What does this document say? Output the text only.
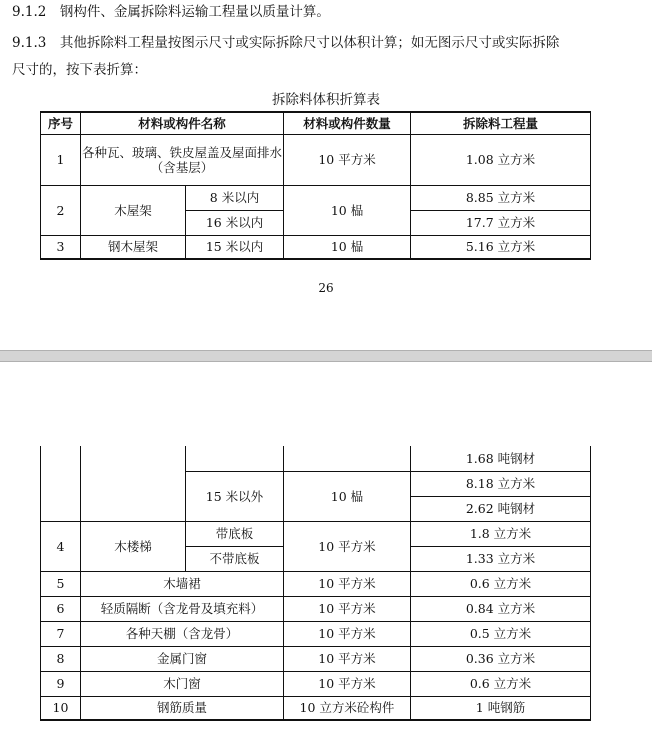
9.1.2　钢构件、金属拆除料运输工程量以质量计算。
9.1.3　其他拆除料工程量按图示尺寸或实际拆除尺寸以体积计算；如无图示尺寸或实际拆除
尺寸的，按下表折算：
拆除料体积折算表
序号	材料或构件名称		材料或构件数量	拆除料工程量
1	各种瓦、玻璃、铁皮屋盖及屋面排水（含基层）		10 平方米	1.08 立方米
2	木屋架	8 米以内	10 榀	8.85 立方米
		16 米以内		17.7 立方米
3	钢木屋架	15 米以内	10 榀	5.16 立方米
26
				1.68 吨钢材
		15 米以外	10 榀	8.18 立方米
				2.62 吨钢材
4	木楼梯	带底板	10 平方米	1.8 立方米
		不带底板		1.33 立方米
5	木墙裙		10 平方米	0.6 立方米
6	轻质隔断（含龙骨及填充料）		10 平方米	0.84 立方米
7	各种天棚（含龙骨）		10 平方米	0.5 立方米
8	金属门窗		10 平方米	0.36 立方米
9	木门窗		10 平方米	0.6 立方米
10	钢筋质量		10 立方米砼构件	1 吨钢筋
